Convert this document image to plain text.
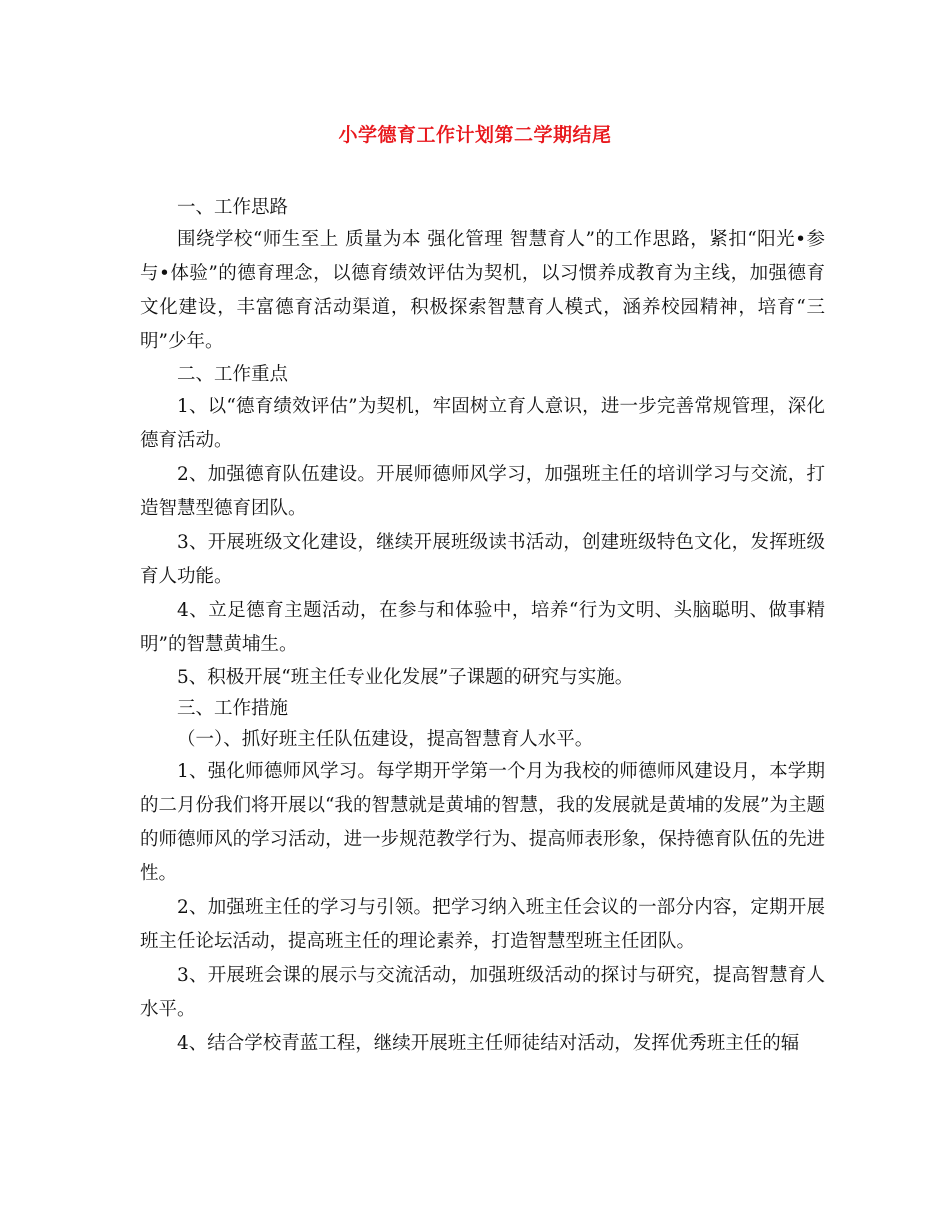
小学德育工作计划第二学期结尾

一、工作思路

围绕学校“师生至上 质量为本 强化管理 智慧育人”的工作思路，紧扣“阳光•参与•体验”的德育理念，以德育绩效评估为契机，以习惯养成教育为主线，加强德育文化建设，丰富德育活动渠道，积极探索智慧育人模式，涵养校园精神，培育“三明”少年。

二、工作重点

1、以“德育绩效评估”为契机，牢固树立育人意识，进一步完善常规管理，深化德育活动。

2、加强德育队伍建设。开展师德师风学习，加强班主任的培训学习与交流，打造智慧型德育团队。

3、开展班级文化建设，继续开展班级读书活动，创建班级特色文化，发挥班级育人功能。

4、立足德育主题活动，在参与和体验中，培养“行为文明、头脑聪明、做事精明”的智慧黄埔生。

5、积极开展“班主任专业化发展”子课题的研究与实施。

三、工作措施

（一）、抓好班主任队伍建设，提高智慧育人水平。

1、强化师德师风学习。每学期开学第一个月为我校的师德师风建设月，本学期的二月份我们将开展以“我的智慧就是黄埔的智慧，我的发展就是黄埔的发展”为主题的师德师风的学习活动，进一步规范教学行为、提高师表形象，保持德育队伍的先进性。

2、加强班主任的学习与引领。把学习纳入班主任会议的一部分内容，定期开展班主任论坛活动，提高班主任的理论素养，打造智慧型班主任团队。

3、开展班会课的展示与交流活动，加强班级活动的探讨与研究，提高智慧育人水平。

4、结合学校青蓝工程，继续开展班主任师徒结对活动，发挥优秀班主任的辐
